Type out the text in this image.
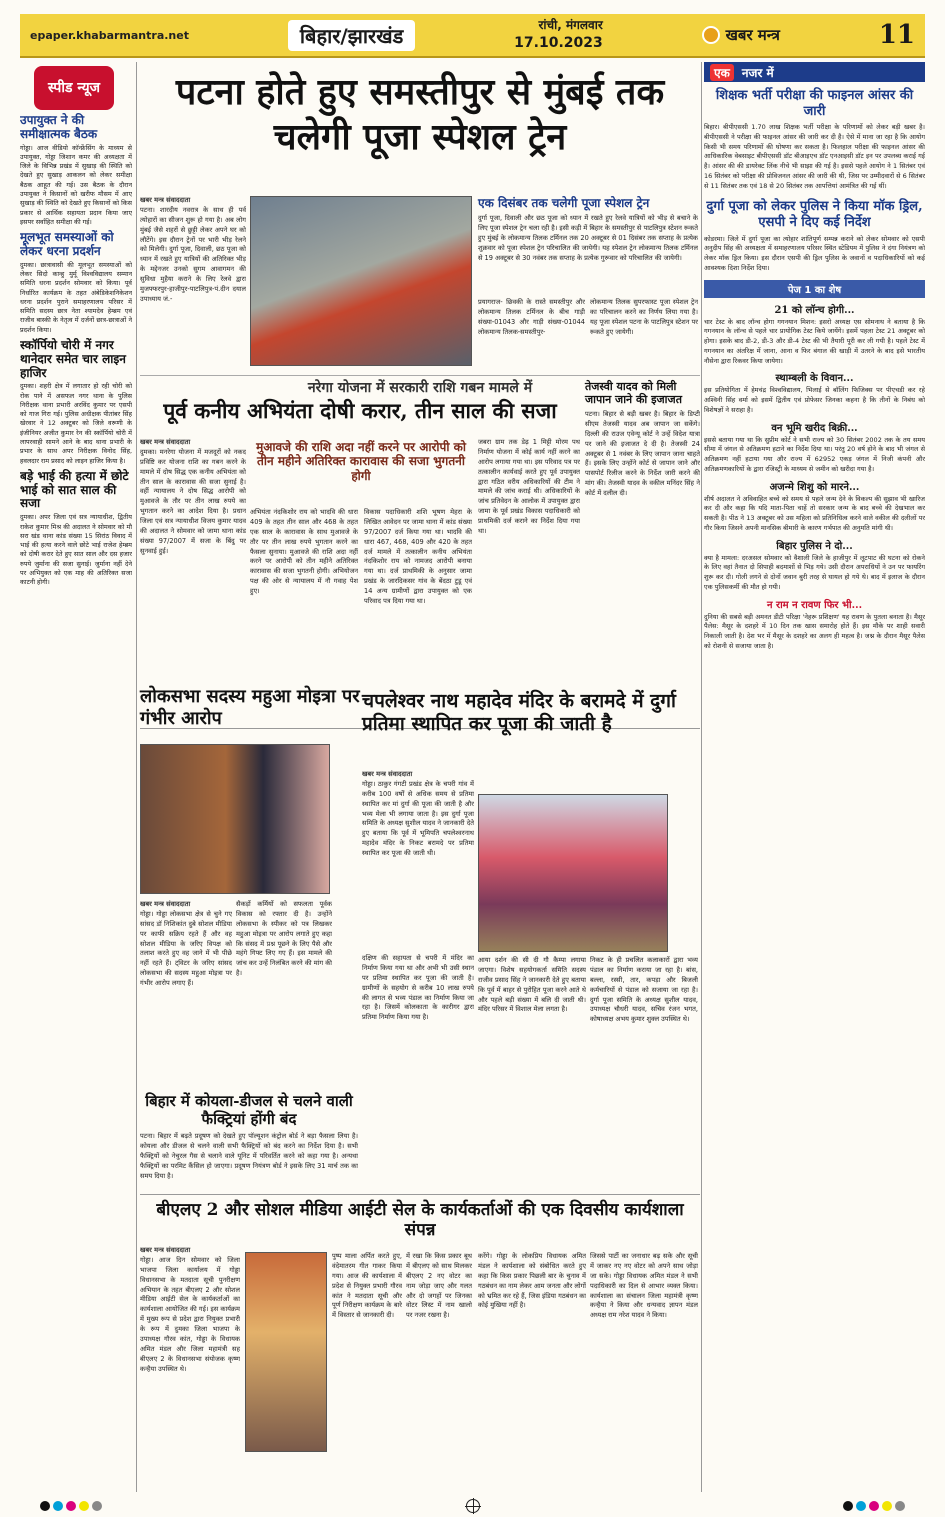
epaper.khabarmantra.net	बिहार/झारखंड	रांची, मंगलवार
17.10.2023	खबर मन्त्र	11
स्पीड न्यूज
उपायुक्त ने की समीक्षात्मक बैठक
गोड्डा। आज वीडियो कॉन्फ्रेंसिंग के माध्यम से उपायुक्त, गोड्डा जिशान कमर की अध्यक्षता में जिले के विभिन्न प्रखंड में सुखाड़ की स्थिति को देखते हुए सुखाड़ आकलन को लेकर समीक्षा बैठक आहूत की गई। उस बैठक के दौरान उपायुक्त ने किसानों को खरीफ मौसम में आए सुखाड़ की स्थिति को देखते हुए किसानों को किस प्रकार से आर्थिक सहायता प्रदान किया जाए इसपर सर्वाहित समीक्षा की गई।
मूलभूत समस्याओं को लेकर धरना प्रदर्शन
दुमका। छात्रावासी की मूलभूत समस्याओं को लेकर सिदो कान्हु मुर्मू विश्वविद्यालय सम्मान समिति धरना प्रदर्शन सोमवार को किया। पूर्व निर्धारित कार्यक्रम के तहत अंबेडिकेशनिकेशन धरना प्रदर्शन पुराने समाहरणालय परिसर में समिति सदस्य छात्र नेता श्यामदेव हेम्ब्रम एवं राजीव बास्की के नेतृत्व में दर्जनों छात्र-छात्राओं ने प्रदर्शन किया।
स्कॉर्पियो चोरी में नगर थानेदार समेत चार लाइन हाजिर
दुमका। शहरी क्षेत्र में लगातार हो रही चोरी को रोक पाने में असफल नगर थाना के पुलिस निरीक्षक थाना प्रभारी अरविंद कुमार पर एसपी को गाज गिरा गई। पुलिस अधीक्षक पीतांबर सिंह खेरवार ने 12 अक्टूबर को जिले वरूणी के इंजीनियर अजीत कुमार रेन की स्कॉर्पियो चोरी में लापरवाही सामने आने के बाद थाना प्रभारी के प्रभार के साथ अपर निरीक्षक विनोद सिंह, हवलदार राम प्रसाद को लाइन हाजिर किया है।
बड़े भाई की हत्या में छोटे भाई को सात साल की सजा
दुमका। अपर जिला एवं सत्र न्यायाधीश, द्वितीय राकेश कुमार मिश्र की अदालत ने सोमवार को मौ सरा खंड थाना कांड संख्या 15 सिरांठ विवाद में भाई की हत्या करने वाले छोटे भाई राजेश हेम्ब्रम को दोषी करार देते हुए सात साल और दस हजार रुपये जुर्माना की सजा सुनाई। जुर्माना नहीं देने पर अभियुक्त को एक माह की अतिरिक्त सजा काटनी होगी।
पटना होते हुए समस्तीपुर से मुंबई तक चलेगी पूजा स्पेशल ट्रेन
खबर मन्त्र संवाददाता
पटना। शारदीय नवरात्र के साथ ही पर्व त्योहारों का सीजन शुरू हो गया है। अब लोग मुंबई जैसे शहरों से छुट्टी लेकर अपने घर को लौटेंगे। इस दौरान ट्रेनों पर भारी भीड़ रेलने को मिलेगी। दुर्गा पूजा, दिवाली, छठ पूजा को ध्यान में रखते हुए यात्रियों की अतिरिक्त भीड़ के मद्देनजर उनको सुगम आवागमन की सुविधा मुहैया कराने के लिए रेलवे द्वारा मुजफ्फरपुर-हाजीपुर-पाटलिपुत्र-पं.दीन दयाल उपाध्याय जं.-
एक दिसंबर तक चलेगी पूजा स्पेशल ट्रेन
दुर्गा पूजा, दिवाली और छठ पूजा को ध्यान में रखते हुए रेलवे यात्रियों को भीड़ से बचाने के लिए पूजा स्पेशल ट्रेन चला रही है। इसी कड़ी में बिहार के समस्तीपुर से पाटलिपुत्र स्टेशन रूकते हुए मुंबई के लोकमान्य तिलक टर्मिनल तक 20 अक्टूबर से 01 दिसंबर तक सप्ताह के प्रत्येक शुक्रवार को पूजा स्पेशल ट्रेन परिचालित की जायेगी। यह स्पेशल ट्रेन लोकमान्य तिलक टर्मिनल से 19 अक्टूबर से 30 नवंबर तक सप्ताह के प्रत्येक गुरूवार को परिचालित की जायेगी।
प्रयागराज- छिवकी के रास्ते समस्तीपुर और लोकमान्य तिलक टर्मिनल के बीच गाड़ी संख्या-01043 और गाड़ी संख्या-01044 लोकमान्य तिलक-समस्तीपुर-
लोकमान्य तिलक सुपरफास्ट पूजा स्पेशल ट्रेन का परिचालन करने का निर्णय लिया गया है। यह पूजा स्पेशल पटना के पाटलिपुत्र स्टेशन पर रूकते हुए जायेगी।
नरेगा योजना में सरकारी राशि गबन मामले में
पूर्व कनीय अभियंता दोषी करार, तीन साल की सजा
तेजस्वी यादव को मिली जापान जाने की इजाजत
पटना। बिहार से बड़ी खबर है। बिहार के डिप्टी सीएम तेजस्वी यादव अब जापान जा सकेंगे। दिल्ली की राउज एवेन्यू कोर्ट ने उन्हें विदेश यात्रा पर जाने की इजाजत दे दी है। तेजस्वी 24 अक्टूबर से 1 नवंबर के लिए जापान जाना चाहते हैं। इसके लिए उन्होंने कोर्ट से जापान जाने और पासपोर्ट रिलीज करने के निर्देश जारी करने की मांग की। तेजस्वी यादव के वकील मनिंदर सिंह ने कोर्ट में दलील दी।
खबर मन्त्र संवाददाता
दुमका। मनरेगा योजना में मजदूरों को नकद प्रविष्टि कर योजना राशि का गबन करने के मामले में दोष सिद्ध एक कनीय अभियंता को तीन साल के कारावास की सजा सुनाई है। वहीं न्यायालय ने दोष सिद्ध आरोपी को मुआवजे के तौर पर तीन लाख रुपये का भुगतान करने का आदेश दिया है। प्रधान जिला एवं सत्र न्यायाधीश विजय कुमार यादव की अदालत ने सोमवार को जामा थाना कांड संख्या 97/2007 में सजा के बिंदु पर सुनवाई हुई।
मुआवजे की राशि अदा नहीं करने पर आरोपी को तीन महीने अतिरिक्त कारावास की सजा भुगतनी होगी
अभियंता नंदकिशोर राय को भादवि की धारा 409 के तहत तीन साल और 468 के तहत एक साल के कारावास के साथ मुआवजे के तौर पर तीन लाख रुपये भुगतान करने का फैसला सुनाया। मुआवजे की राशि अदा नहीं करने पर आरोपी को तीन महीने अतिरिक्त कारावास की सजा भुगतनी होगी। अभियोजन पक्ष की ओर से न्यायालय में नौ गवाह पेश हुए।
विकास पदाधिकारी शशि भूषण मेहरा के लिखित आवेदन पर जामा थाना में कांड संख्या 97/2007 दर्ज किया गया था। भादवि की धारा 467, 468, 409 और 420 के तहत दर्ज मामले में तत्कालीन कनीय अभियंता नंदकिशोर राय को नामजद आरोपी बनाया गया था। दर्ज प्राथमिकी के अनुसार जामा प्रखंड के जारदिकसर गांव के बेंदठा टुडू एवं 14 अन्य ग्रामीणों द्वारा उपायुक्त को एक परिवाद पत्र दिया गया था।
जबरा ग्राम तक डेढ़ 1 मिट्टी मोरम पथ निर्माण योजना में कोई कार्य नहीं करने का आरोप लगाया गया था। इस परिवाद पत्र पर तत्कालीन कार्यवाई करते हुए पूर्व उपायुक्त द्वारा गठित वरीय अधिकारियों की टीम ने मामले की जांच कराई थी। अधिकारियों के जांच प्रतिवेदन के आलोक में उपायुक्त द्वारा जामा के पूर्व प्रखंड विकास पदाधिकारी को प्राथमिकी दर्ज कराने का निर्देश दिया गया था।
लोकसभा सदस्य महुआ मोइत्रा पर गंभीर आरोप
खबर मन्त्र संवाददाता
गोड्डा। गोड्डा लोकसभा क्षेत्र से चुने गए सांसद डॉ निशिकांत दुबे सोशल मीडिया पर काफी सक्रिय रहते हैं और वह सोशल मीडिया के जरिए विपक्ष को तलाश करते हुए वह जाने में भी पीछे नहीं रहते हैं। ट्विटर के जरिए सांसद लोकसभा की सदस्य महुआ मोइत्रा पर गंभीर आरोप लगाए हैं।
सैकड़ों कर्मियों को सफलता पूर्वक विकास को रफ्तार दी है। उन्होंने लोकसभा के स्पीकर को पत्र लिखकर महुआ मोइत्रा पर आरोप लगाते हुए कहा कि संसद में प्रश्न पूछने के लिए पैसे और महंगे गिफ्ट लिए गए हैं। इस मामले की जांच कर उन्हें निलंबित करने की मांग की है।
चपलेश्वर नाथ महादेव मंदिर के बरामदे में दुर्गा प्रतिमा स्थापित कर पूजा की जाती है
खबर मन्त्र संवाददाता
गोड्डा। ठाकुर गंगटी प्रखंड क्षेत्र के चपरी गांव में करीब 100 वर्षों से अधिक समय से प्रतिमा स्थापित कर मां दुर्गा की पूजा की जाती है और भव्य मेला भी लगाया जाता है। इस दुर्गा पूजा समिति के अध्यक्ष सुशील यादव ने जानकारी देते हुए बताया कि पूर्व में भूमिपति चपलेश्वरनाथ महादेव मंदिर के निकट बरामदे पर प्रतिमा स्थापित कर पूजा की जाती थी।
दक्षिण की सहायता से चपरी में मंदिर का निर्माण किया गया था और अभी भी उसी स्थान पर प्रतिमा स्थापित कर पूजा की जाती है। ग्रामीणों के सहयोग से करीब 10 लाख रुपये की लागत से भव्य पंडाल का निर्माण किया जा रहा है। जिसमें कोलकाता के कारीगर द्वारा प्रतिमा निर्माण किया गया है।
आया दर्शन की सी दी गौ कैम्पा लगाया जाएगा। विशेष सहयोगकर्ता समिति सदस्य राजीव प्रसाद सिंह ने जानकारी देते हुए बताया कि पूर्व में बाहर से पुरोहित पूजा करने आते थे और पहले बड़ी संख्या में बलि दी जाती थी। मंदिर परिसर में विशाल मेला लगता है।
निकट के ही प्रचलित कलाकारों द्वारा भव्य पंडाल का निर्माण कराया जा रहा है। बांस, बल्ला, रस्सी, तार, कपड़ा और बिजली कर्मचारियों से पंडाल को सजाया जा रहा है। दुर्गा पूजा समिति के अध्यक्ष सुशील यादव, उपाध्यक्ष चौधरी यादव, सचिव रंजन भगत, कोषाध्यक्ष अभय कुमार शुक्ल उपस्थित थे।
बिहार में कोयला-डीजल से चलने वाली फैक्ट्रियां होंगी बंद
पटना। बिहार में बढ़ते प्रदूषण को देखते हुए पॉल्यूशन कंट्रोल बोर्ड ने बड़ा फैसला लिया है। कोयला और डीजल से चलने वाली सभी फैक्ट्रियों को बंद करने का निर्देश दिया है। सभी फैक्ट्रियों को नेचुरल गैस से चलाने वाले यूनिट में परिवर्तित करने को कहा गया है। अन्यथा फैक्ट्रियों का परमिट कैंसिल हो जाएगा। प्रदूषण नियंत्रण बोर्ड ने इसके लिए 31 मार्च तक का समय दिया है।
बीएलए 2 और सोशल मीडिया आईटी सेल के कार्यकर्ताओं की एक दिवसीय कार्यशाला संपन्न
खबर मन्त्र संवाददाता
गोड्डा। आज दिन सोमवार को जिला भाजपा जिला कार्यालय में गोड्डा विधानसभा के मतदाता सूची पुनरीक्षण अभियान के तहत बीएलए 2 और सोशल मीडिया आईटी सेल के कार्यकर्ताओं का कार्यशाला आयोजित की गई। इस कार्यक्रम में मुख्य रूप से प्रदेश द्वारा नियुक्त प्रभारी के रूप में दुमका जिला भाजपा के उपाध्यक्ष गौरव कांत, गोड्डा के विधायक अमित मंडल और जिला महामंत्री सह बीएलए 2 के विधानसभा संयोजक कृष्ण कन्हैया उपस्थित थे।
पुष्प माला अर्पित करते हुए, वंदेमातरम गीत गाकर किया गया। आज की कार्यशाला में प्रदेश से नियुक्त प्रभारी गौरव कांत ने मतदाता सूची और पूर्ण निरीक्षण कार्यक्रम के बारे में विस्तार से जानकारी दी।
में रखा कि किस प्रकार बूथ में बीएलए को साथ मिलकर बीएलए 2 नए वोटर का नाम जोड़ा जाए और गलत और दो जगहों पर जिनका वोटर लिस्ट में नाम खालो पर नजर रखना है।
करेंगे। गोड्डा के लोकप्रिय विधायक अमित मंडल ने कार्यशाला को संबोधित करते हुए कहा कि किस प्रकार पिछली बार के चुनाव में गठबंधन का नाम लेकर आम जनता और लोगों को भ्रमित कर रहे हैं, जिस इंडिया गठबंधन का कोई मुखिया नहीं है।
जिससे पार्टी का जनाधार बढ़ सके और सूची में जाकर नए नए वोटर को अपने साथ जोड़ा जा सके। गोड्डा विधायक अमित मंडल ने सभी पदाधिकारी का दिल से आभार व्यक्त किया। कार्यशाला का संचालन जिला महामंत्री कृष्ण कन्हैया ने किया और धन्यवाद ज्ञापन मंडल अध्यक्ष राम नरेश यादव ने किया।
एक	नजर में
शिक्षक भर्ती परीक्षा की फाइनल आंसर की जारी
बिहार। बीपीएससी 1.70 लाख शिक्षक भर्ती परीक्षा के परिणामों को लेकर बड़ी खबर है। बीपीएससी ने परीक्षा की फाइनल आंसर की जारी कर दी है। ऐसे में माना जा रहा है कि आयोग किसी भी समय परिणामों की घोषणा कर सकता है। फिलहाल परीक्षा की फाइनल आंसर की आधिकारिक वेबसाइट बीपीएससी डॉट बीआइएच डॉट एनआइसी डॉट इन पर उपलब्ध कराई गई है। आंसर की की डायरेक्ट लिंक नीचे भी साझा की गई है। इससे पहले आयोग ने 1 सितंबर एवं 16 सितंबर को परीक्षा की प्रोविजनल आंसर की जारी की थी, जिस पर उम्मीदवारों से 6 सितंबर से 11 सितंबर तक एवं 18 से 20 सितंबर तक आपत्तियां आमंत्रित की गई थीं।
दुर्गा पूजा को लेकर पुलिस ने किया मॉक ड्रिल, एसपी ने दिए कई निर्देश
कोडरमा। जिले में दुर्गा पूजा का त्योहार शांतिपूर्ण सम्पन्न कराने को लेकर सोमवार को एसपी अनुदीप सिंह की अध्यक्षता में समाहरणालय परिसर स्थित स्टेडियम में पुलिस ने दंगा नियंत्रण को लेकर मॉक ड्रिल किया। इस दौरान एसपी की ड्रिल पुलिस के जवानों व पदाधिकारियों को कई आवश्यक दिशा निर्देश दिया।
पेज 1 का शेष
21 को लॉन्च होगी...
चार टेस्ट के बाद लॉन्च होगा गगनयान मिशन: इसरो अध्यक्ष एस सोमनाथ ने बताया है कि गगनयान के लॉन्च से पहले चार प्रायोगिक टेस्ट किये जायेंगे। इसमें पहला टेस्ट 21 अक्टूबर को होगा। इसके बाद डी-2, डी-3 और डी-4 टेस्ट की भी तैयारी पूरी कर ली गयी है। पहले टेस्ट में गगनयान का अंतरिक्ष में जाना, आना व फिर बंगाल की खाड़ी में उतरने के बाद इसे भारतीय नौसेना द्वारा रिकवर किया जायेगा।
स्थाम्बली के विवान...
इस प्रतियोगिता में हेमचंद्र विश्वविद्यालय, भिलाई से बॉलिंग फिजिक्स पर पीएचडी कर रहे अश्विनी सिंह वर्मा को इसमें द्वितीय एवं प्रोफेसर जिनका कहना है कि तीनों के निबंध को विशेषज्ञों ने सराहा है।
वन भूमि खरीद बिक्री...
इससे बताया गया था कि सुप्रीम कोर्ट ने सभी राज्य को 30 सितंबर 2002 तक के तय समय सीमा में जंगल से अतिक्रमण हटाने का निर्देश दिया था। परंतु 20 वर्ष होने के बाद भी जंगल से अतिक्रमण नहीं हटाया गया और राज्य में 62952 एकड़ जंगल में निजी कंपनी और अतिक्रमणकारियों के द्वारा रजिस्ट्री के माध्यम से जमीन को खरीदा गया है।
अजन्मे शिशु को मारने...
शीर्ष अदालत ने अविवाहित बच्चे को समय से पहले जन्म देने के विकल्प की सुझाव भी खारिज कर दी और कहा कि यदि माता-पिता चाहें तो सरकार जन्म के बाद बच्चे की देखभाल कर सकती है। पीठ ने 13 अक्टूबर को उस महिला को प्रतिनिधित्व करने वाले वकील की दलीलों पर गौर किया जिसने अपनी मानसिक बीमारी के कारण गर्भपात की अनुमति मांगी थी।
बिहार पुलिस ने दो...
क्या है मामला: दरअसल सोमवार को वैशाली जिले के हाजीपुर में लूटपाट की घटना को रोकने के लिए वहां तैनात दो सिपाही बदमाशों से भिड़ गये। उसी दौरान अपराधियों ने उन पर फायरिंग शुरू कर दी। गोली लगने से दोनों जवान बुरी तरह से घायल हो गये थे। बाद में इलाज के दौरान एक पुलिसकर्मी की मौत हो गयी।
न राम न रावण फिर भी...
दुनिया की सबसे बड़ी अमनत डीटी परिक्षा 'नेहरू प्रशिक्षण' यह रावण के पुतला बनाता है। मैसूर पैलेस: मैसूर के दशहरे में 10 दिन तक खास समारोह होते हैं। इस मौके पर शाही सवारी निकाली जाती है। देश भर में मैसूर के दशहरे का अलग ही महत्व है। जश्न के दौरान मैसूर पैलेस को रोशनी से सजाया जाता है।
